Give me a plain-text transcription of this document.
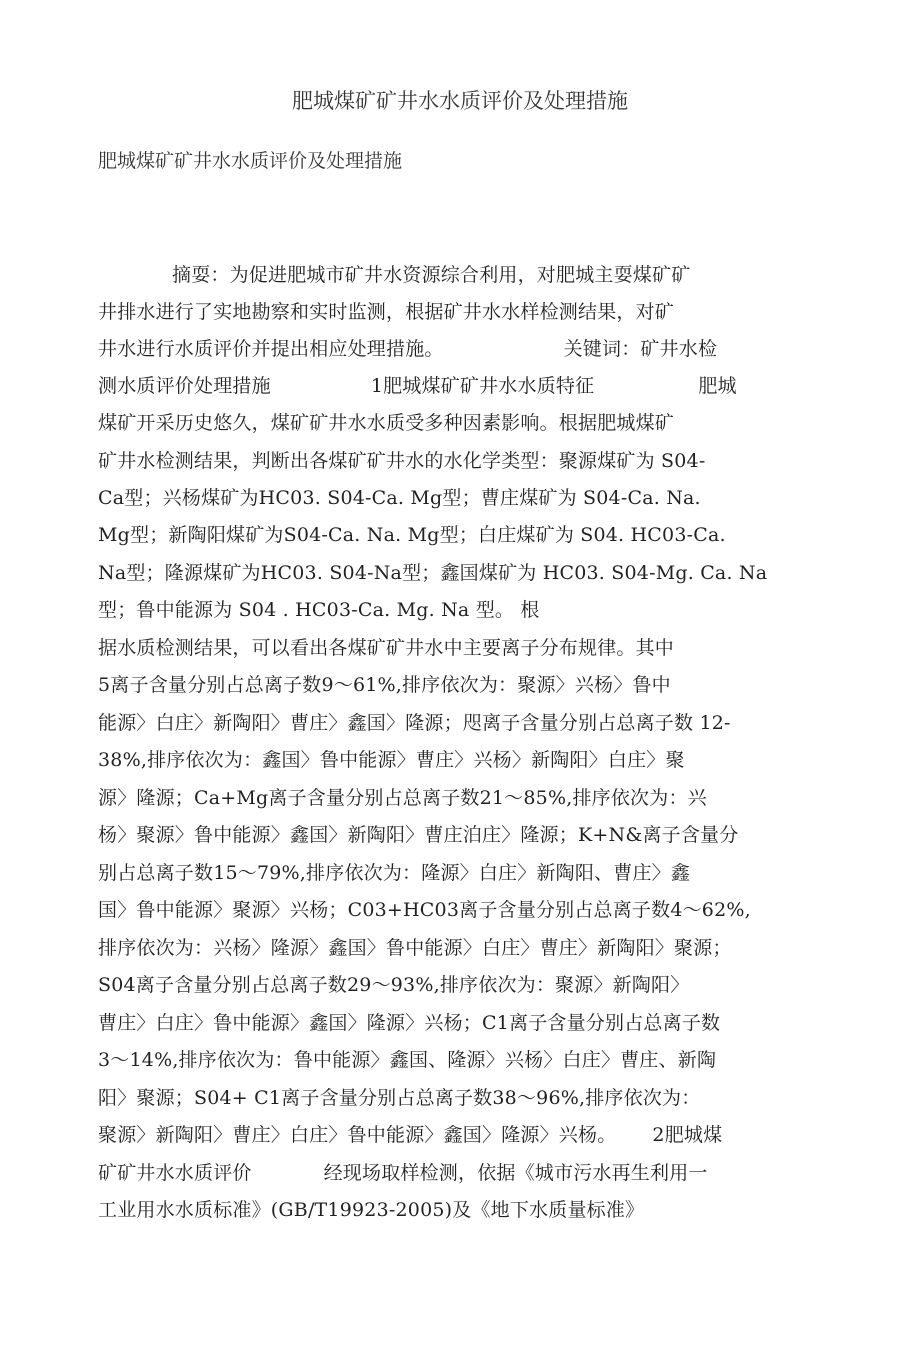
肥城煤矿矿井水水质评价及处理措施
肥城煤矿矿井水水质评价及处理措施
摘耍：为促进肥城市矿井水资源综合利用，对肥城主耍煤矿矿
井排水进行了实地勘察和实时监测，根据矿井水水样检测结果，对矿
井水进行水质评价并提出相应处理措施。	关键词：矿井水检
测水质评价处理措施	1肥城煤矿矿井水水质特征	肥城
煤矿开采历史悠久，煤矿矿井水水质受多种因素影响。根据肥城煤矿
矿井水检测结果，判断出各煤矿矿井水的水化学类型：聚源煤矿为 S04-
Ca型；兴杨煤矿为HC03. S04-Ca. Mg型；曹庄煤矿为 S04-Ca. Na.
Mg型；新陶阳煤矿为S04-Ca. Na. Mg型；白庄煤矿为 S04. HC03-Ca.
Na型；隆源煤矿为HC03. S04-Na型；鑫国煤矿为 HC03. S04-Mg. Ca. Na
型；鲁中能源为 S04 . HC03-Ca. Mg. Na 型。 根
据水质检测结果，可以看出各煤矿矿井水中主要离子分布规律。其中
5离子含量分别占总离子数9～61%,排序依次为：聚源〉兴杨〉鲁中
能源〉白庄〉新陶阳〉曹庄〉鑫国〉隆源；咫离子含量分别占总离子数 12-
38%,排序依次为：鑫国〉鲁中能源〉曹庄〉兴杨〉新陶阳〉白庄〉聚
源〉隆源；Ca+Mg离子含量分别占总离子数21～85%,排序依次为：兴
杨〉聚源〉鲁中能源〉鑫国〉新陶阳〉曹庄泊庄〉隆源；K+N&离子含量分
别占总离子数15～79%,排序依次为：隆源〉白庄〉新陶阳、曹庄〉鑫
国〉鲁中能源〉聚源〉兴杨；C03+HC03离子含量分别占总离子数4～62%,
排序依次为：兴杨〉隆源〉鑫国〉鲁中能源〉白庄〉曹庄〉新陶阳〉聚源；
S04离子含量分别占总离子数29～93%,排序依次为：聚源〉新陶阳〉
曹庄〉白庄〉鲁中能源〉鑫国〉隆源〉兴杨；C1离子含量分别占总离子数
3～14%,排序依次为：鲁中能源〉鑫国、隆源〉兴杨〉白庄〉曹庄、新陶
阳〉聚源；S04+ C1离子含量分别占总离子数38～96%,排序依次为：
聚源〉新陶阳〉曹庄〉白庄〉鲁中能源〉鑫国〉隆源〉兴杨。 2肥城煤
矿矿井水水质评价	经现场取样检测，依据《城市污水再生利用一
工业用水水质标准》(GB/T19923-2005)及《地下水质量标准》
